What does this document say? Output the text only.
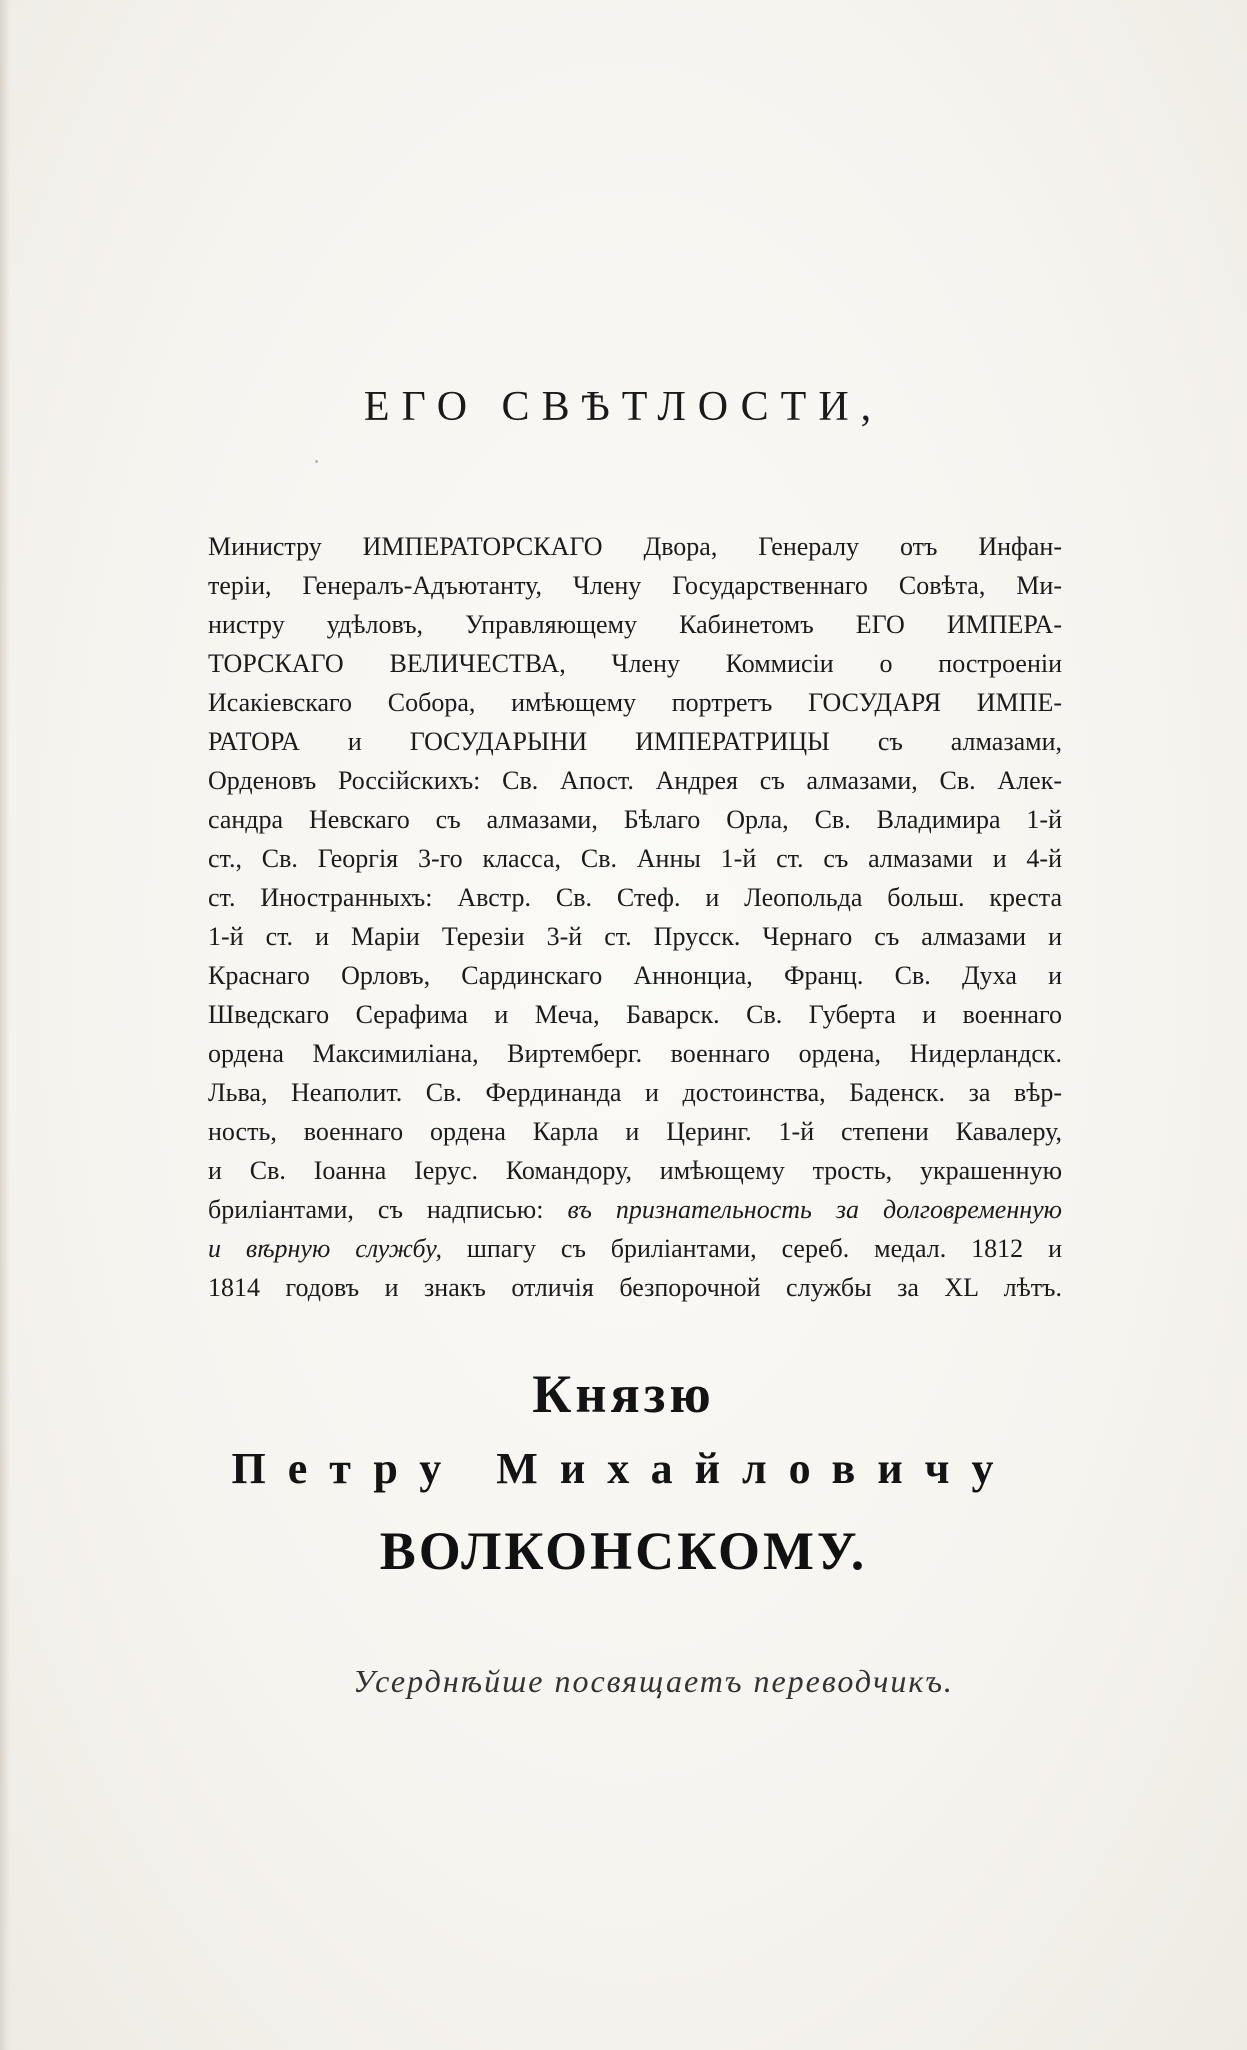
ЕГО СВѢТЛОСТИ,
Министру ИМПЕРАТОРСКАГО Двора, Генералу отъ Инфан-
теріи, Генералъ-Адъютанту, Члену Государственнаго Совѣта, Ми-
нистру удѣловъ, Управляющему Кабинетомъ ЕГО ИМПЕРА-
ТОРСКАГО ВЕЛИЧЕСТВА, Члену Коммисіи о построеніи
Исакіевскаго Собора, имѣющему портретъ ГОСУДАРЯ ИМПЕ-
РАТОРА и ГОСУДАРЫНИ ИМПЕРАТРИЦЫ съ алмазами,
Орденовъ Россійскихъ: Св. Апост. Андрея съ алмазами, Св. Алек-
сандра Невскаго съ алмазами, Бѣлаго Орла, Св. Владимира 1-й
ст., Св. Георгія 3-го класса, Св. Анны 1-й ст. съ алмазами и 4-й
ст. Иностранныхъ: Австр. Св. Стеф. и Леопольда больш. креста
1-й ст. и Маріи Терезіи 3-й ст. Прусск. Чернаго съ алмазами и
Краснаго Орловъ, Сардинскаго Аннонциа, Франц. Св. Духа и
Шведскаго Серафима и Меча, Баварск. Св. Губерта и военнаго
ордена Максимиліана, Виртемберг. военнаго ордена, Нидерландск.
Льва, Неаполит. Св. Фердинанда и достоинства, Баденск. за вѣр-
ность, военнаго ордена Карла и Церинг. 1-й степени Кавалеру,
и Св. Іоанна Іерус. Командору, имѣющему трость, украшенную
бриліантами, съ надписью: въ признательность за долговременную
и вѣрную службу, шпагу съ бриліантами, сереб. медал. 1812 и
1814 годовъ и знакъ отличія безпорочной службы за XL лѣтъ.
Князю
Петру Михайловичу
ВОЛКОНСКОМУ.
Усерднѣйше посвящаетъ переводчикъ.
